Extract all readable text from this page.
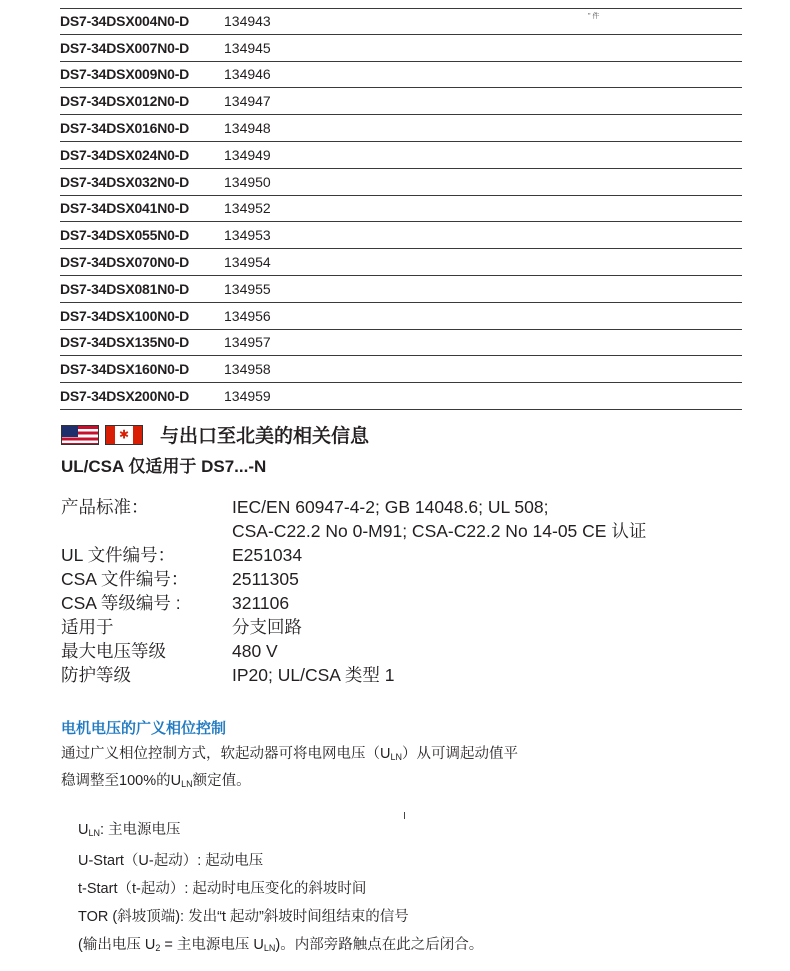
DS7-34DSX004N0-D	134943
DS7-34DSX007N0-D	134945
DS7-34DSX009N0-D	134946
DS7-34DSX012N0-D	134947
DS7-34DSX016N0-D	134948
DS7-34DSX024N0-D	134949
DS7-34DSX032N0-D	134950
DS7-34DSX041N0-D	134952
DS7-34DSX055N0-D	134953
DS7-34DSX070N0-D	134954
DS7-34DSX081N0-D	134955
DS7-34DSX100N0-D	134956
DS7-34DSX135N0-D	134957
DS7-34DSX160N0-D	134958
DS7-34DSX200N0-D	134959
" 件
✱ 与出口至北美的相关信息
UL/CSA 仅适用于 DS7...-N
产品标准：	IEC/EN 60947-4-2; GB 14048.6; UL 508;
CSA-C22.2 No 0-M91; CSA-C22.2 No 14-05 CE 认证
UL 文件编号：	E251034
CSA 文件编号：	2511305
CSA 等级编号 :	321106
适用于	分支回路
最大电压等级	480 V
防护等级	IP20; UL/CSA 类型 1
电机电压的广义相位控制
通过广义相位控制方式，软起动器可将电网电压$(U_{LN})$从可调起动值平
稳调整至100%的$U_{LN}$额定值。
$U_{LN}$: 主电源电压
U-Start（U-起动）: 起动电压
t-Start（t-起动）: 起动时电压变化的斜坡时间
TOR (斜坡顶端): 发出“t 起动”斜坡时间组结束的信号
(输出电压 $U_2$ = 主电源电压 $U_{LN}$)。内部旁路触点在此之后闭合。
